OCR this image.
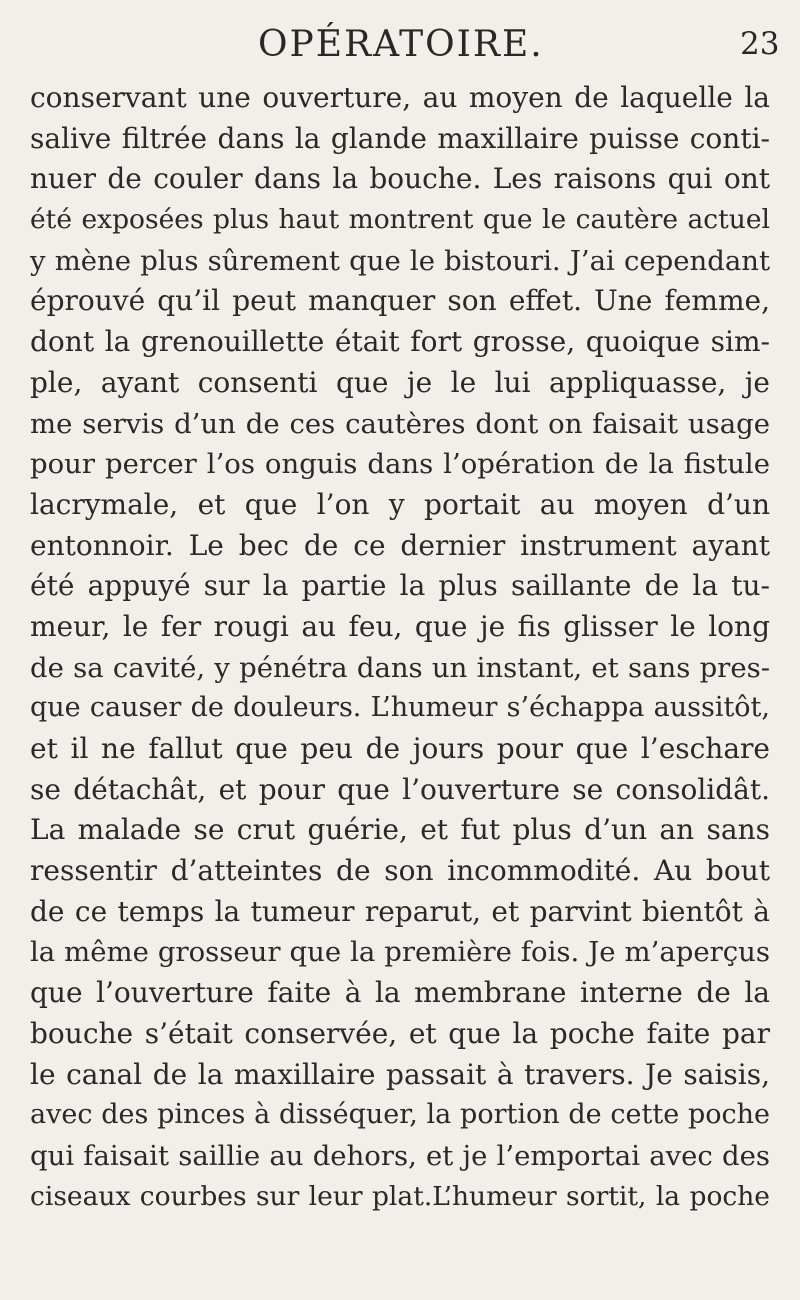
OPÉRATOIRE.	23
conservant une ouverture, au moyen de laquelle la
salive filtrée dans la glande maxillaire puisse conti-
nuer de couler dans la bouche. Les raisons qui ont
été exposées plus haut montrent que le cautère actuel
y mène plus sûrement que le bistouri. J’ai cependant
éprouvé qu’il peut manquer son effet. Une femme,
dont la grenouillette était fort grosse, quoique sim-
ple, ayant consenti que je le lui appliquasse, je
me servis d’un de ces cautères dont on faisait usage
pour percer l’os onguis dans l’opération de la fistule
lacrymale, et que l’on y portait au moyen d’un
entonnoir. Le bec de ce dernier instrument ayant
été appuyé sur la partie la plus saillante de la tu-
meur, le fer rougi au feu, que je fis glisser le long
de sa cavité, y pénétra dans un instant, et sans pres-
que causer de douleurs. L’humeur s’échappa aussitôt,
et il ne fallut que peu de jours pour que l’eschare
se détachât, et pour que l’ouverture se consolidât.
La malade se crut guérie, et fut plus d’un an sans
ressentir d’atteintes de son incommodité. Au bout
de ce temps la tumeur reparut, et parvint bientôt à
la même grosseur que la première fois. Je m’aperçus
que l’ouverture faite à la membrane interne de la
bouche s’était conservée, et que la poche faite par
le canal de la maxillaire passait à travers. Je saisis,
avec des pinces à disséquer, la portion de cette poche
qui faisait saillie au dehors, et je l’emportai avec des
ciseaux courbes sur leur plat.L’humeur sortit, la poche
